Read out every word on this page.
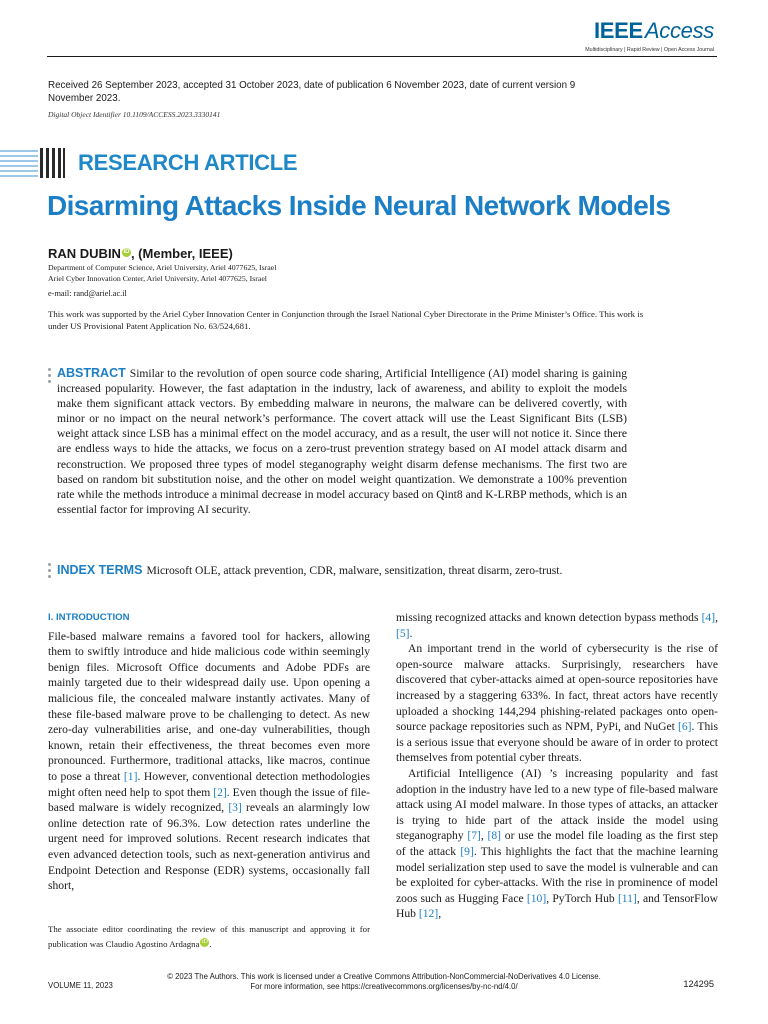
IEEEAccess
Multidisciplinary | Rapid Review | Open Access Journal
Received 26 September 2023, accepted 31 October 2023, date of publication 6 November 2023, date of current version 9 November 2023.
Digital Object Identifier 10.1109/ACCESS.2023.3330141
RESEARCH ARTICLE
Disarming Attacks Inside Neural Network Models
RAN DUBIN iD , (Member, IEEE)
Department of Computer Science, Ariel University, Ariel 4077625, Israel
Ariel Cyber Innovation Center, Ariel University, Ariel 4077625, Israel
e-mail: rand@ariel.ac.il
This work was supported by the Ariel Cyber Innovation Center in Conjunction through the Israel National Cyber Directorate in the Prime Minister’s Office. This work is under US Provisional Patent Application No. 63/524,681.
ABSTRACT Similar to the revolution of open source code sharing, Artificial Intelligence (AI) model sharing is gaining increased popularity. However, the fast adaptation in the industry, lack of awareness, and ability to exploit the models make them significant attack vectors. By embedding malware in neurons, the malware can be delivered covertly, with minor or no impact on the neural network’s performance. The covert attack will use the Least Significant Bits (LSB) weight attack since LSB has a minimal effect on the model accuracy, and as a result, the user will not notice it. Since there are endless ways to hide the attacks, we focus on a zero-trust prevention strategy based on AI model attack disarm and reconstruction. We proposed three types of model steganography weight disarm defense mechanisms. The first two are based on random bit substitution noise, and the other on model weight quantization. We demonstrate a 100% prevention rate while the methods introduce a minimal decrease in model accuracy based on Qint8 and K-LRBP methods, which is an essential factor for improving AI security.
INDEX TERMS Microsoft OLE, attack prevention, CDR, malware, sensitization, threat disarm, zero-trust.
I. INTRODUCTION

File-based malware remains a favored tool for hackers, allowing them to swiftly introduce and hide malicious code within seemingly benign files. Microsoft Office documents and Adobe PDFs are mainly targeted due to their widespread daily use. Upon opening a malicious file, the concealed malware instantly activates. Many of these file-based malware prove to be challenging to detect. As new zero-day vulnerabilities arise, and one-day vulnerabilities, though known, retain their effectiveness, the threat becomes even more pronounced. Furthermore, traditional attacks, like macros, continue to pose a threat [1]. However, conventional detection methodologies might often need help to spot them [2]. Even though the issue of file-based malware is widely recognized, [3] reveals an alarmingly low online detection rate of 96.3%. Low detection rates underline the urgent need for improved solutions. Recent research indicates that even advanced detection tools, such as next-generation antivirus and Endpoint Detection and Response (EDR) systems, occasionally fall short,

The associate editor coordinating the review of this manuscript and approving it for publication was Claudio Agostino Ardagna iD .

missing recognized attacks and known detection bypass methods [4], [5].

An important trend in the world of cybersecurity is the rise of open-source malware attacks. Surprisingly, researchers have discovered that cyber-attacks aimed at open-source repositories have increased by a staggering 633%. In fact, threat actors have recently uploaded a shocking 144,294 phishing-related packages onto open-source package repositories such as NPM, PyPi, and NuGet [6]. This is a serious issue that everyone should be aware of in order to protect themselves from potential cyber threats.

Artificial Intelligence (AI) ’s increasing popularity and fast adoption in the industry have led to a new type of file-based malware attack using AI model malware. In those types of attacks, an attacker is trying to hide part of the attack inside the model using steganography [7], [8] or use the model file loading as the first step of the attack [9]. This highlights the fact that the machine learning model serialization step used to save the model is vulnerable and can be exploited for cyber-attacks. With the rise in prominence of model zoos such as Hugging Face [10], PyTorch Hub [11], and TensorFlow Hub [12],

© 2023 The Authors. This work is licensed under a Creative Commons Attribution-NonCommercial-NoDerivatives 4.0 License.
For more information, see https://creativecommons.org/licenses/by-nc-nd/4.0/
VOLUME 11, 2023	124295
